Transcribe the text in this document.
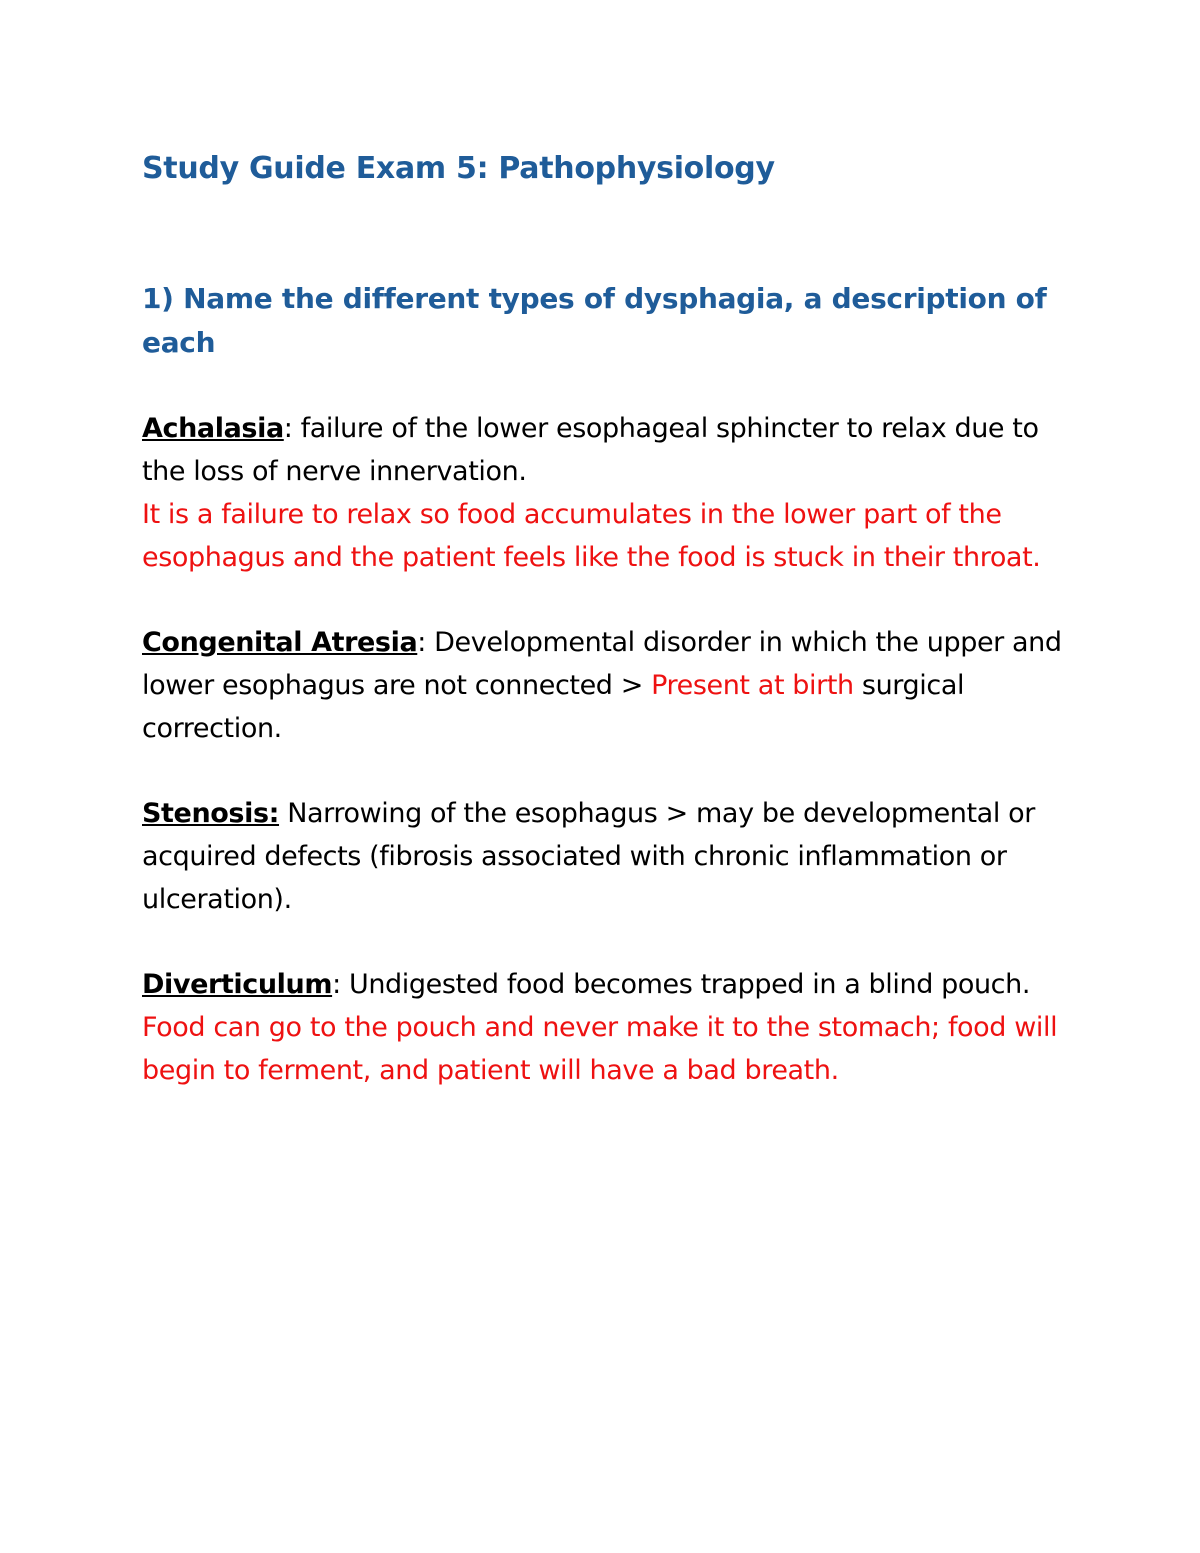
Study Guide Exam 5: Pathophysiology
1) Name the different types of dysphagia, a description of each

Achalasia: failure of the lower esophageal sphincter to relax due to the loss of nerve innervation.
It is a failure to relax so food accumulates in the lower part of the esophagus and the patient feels like the food is stuck in their throat.

Congenital Atresia: Developmental disorder in which the upper and lower esophagus are not connected > Present at birth surgical correction.

Stenosis: Narrowing of the esophagus > may be developmental or acquired defects (fibrosis associated with chronic inflammation or ulceration).

Diverticulum: Undigested food becomes trapped in a blind pouch.
Food can go to the pouch and never make it to the stomach; food will begin to ferment, and patient will have a bad breath.
